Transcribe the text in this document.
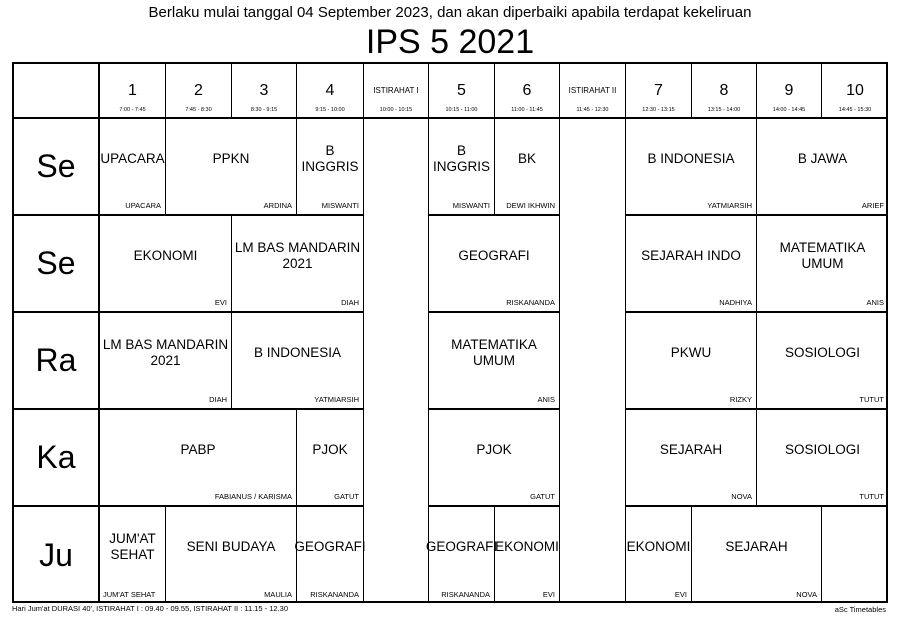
Berlaku mulai tanggal 04 September 2023, dan akan diperbaiki apabila terdapat kekeliruan
IPS 5 2021
1
7:00 - 7:45
2
7:45 - 8:30
3
8:30 - 9:15
4
9:15 - 10:00
ISTIRAHAT I
10:00 - 10:15
5
10:15 - 11:00
6
11:00 - 11:45
ISTIRAHAT II
11:45 - 12:30
7
12:30 - 13:15
8
13:15 - 14:00
9
14:00 - 14:45
10
14:45 - 15:30
Se
Se
Ra
Ka
Ju
UPACARA
UPACARA
PPKN
ARDINA
B INGGRIS
MISWANTI
B INGGRIS
MISWANTI
BK
DEWI IKHWIN
B INDONESIA
YATMIARSIH
B JAWA
ARIEF
EKONOMI
EVI
LM BAS MANDARIN 2021
DIAH
GEOGRAFI
RISKANANDA
SEJARAH INDO
NADHIYA
MATEMATIKA UMUM
ANIS
LM BAS MANDARIN 2021
DIAH
B INDONESIA
YATMIARSIH
MATEMATIKA UMUM
ANIS
PKWU
RIZKY
SOSIOLOGI
TUTUT
PABP
FABIANUS / KARISMA
PJOK
GATUT
PJOK
GATUT
SEJARAH
NOVA
SOSIOLOGI
TUTUT
JUM'AT SEHAT
JUM'AT SEHAT
SENI BUDAYA
MAULIA
GEOGRAFI
RISKANANDA
GEOGRAFI
RISKANANDA
EKONOMI
EVI
EKONOMI
EVI
SEJARAH
NOVA
Hari Jum'at DURASI 40', ISTIRAHAT I : 09.40 - 09.55, ISTIRAHAT II : 11.15 - 12.30	aSc Timetables
